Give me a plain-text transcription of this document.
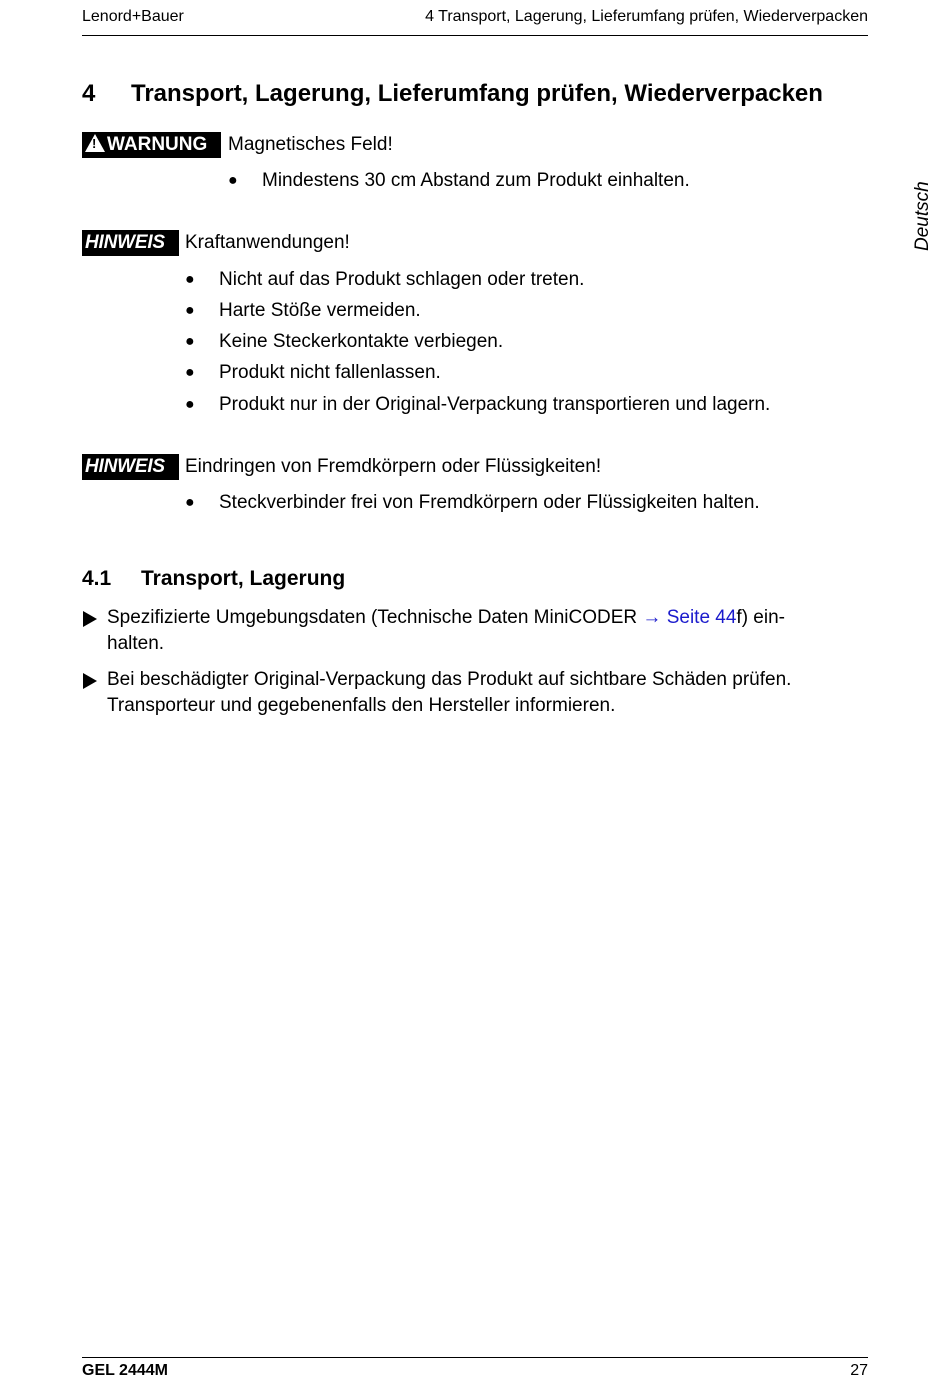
Lenord+Bauer	4 Transport, Lagerung, Lieferumfang prüfen, Wiederverpacken
Deutsch
4 Transport, Lagerung, Lieferumfang prüfen, Wiederverpacken
!WARNUNG	Magnetisches Feld!
● Mindestens 30 cm Abstand zum Produkt einhalten.
HINWEIS	Kraftanwendungen!
● Nicht auf das Produkt schlagen oder treten.
● Harte Stöße vermeiden.
● Keine Steckerkontakte verbiegen.
● Produkt nicht fallenlassen.
● Produkt nur in der Original-Verpackung transportieren und lagern.
HINWEIS	Eindringen von Fremdkörpern oder Flüssigkeiten!
● Steckverbinder frei von Fremdkörpern oder Flüssigkeiten halten.
4.1 Transport, Lagerung
Spezifizierte Umgebungsdaten (Technische Daten MiniCODER → Seite 44f) ein-
halten.
Bei beschädigter Original-Verpackung das Produkt auf sichtbare Schäden prüfen.
Transporteur und gegebenenfalls den Hersteller informieren.
GEL 2444M	27
